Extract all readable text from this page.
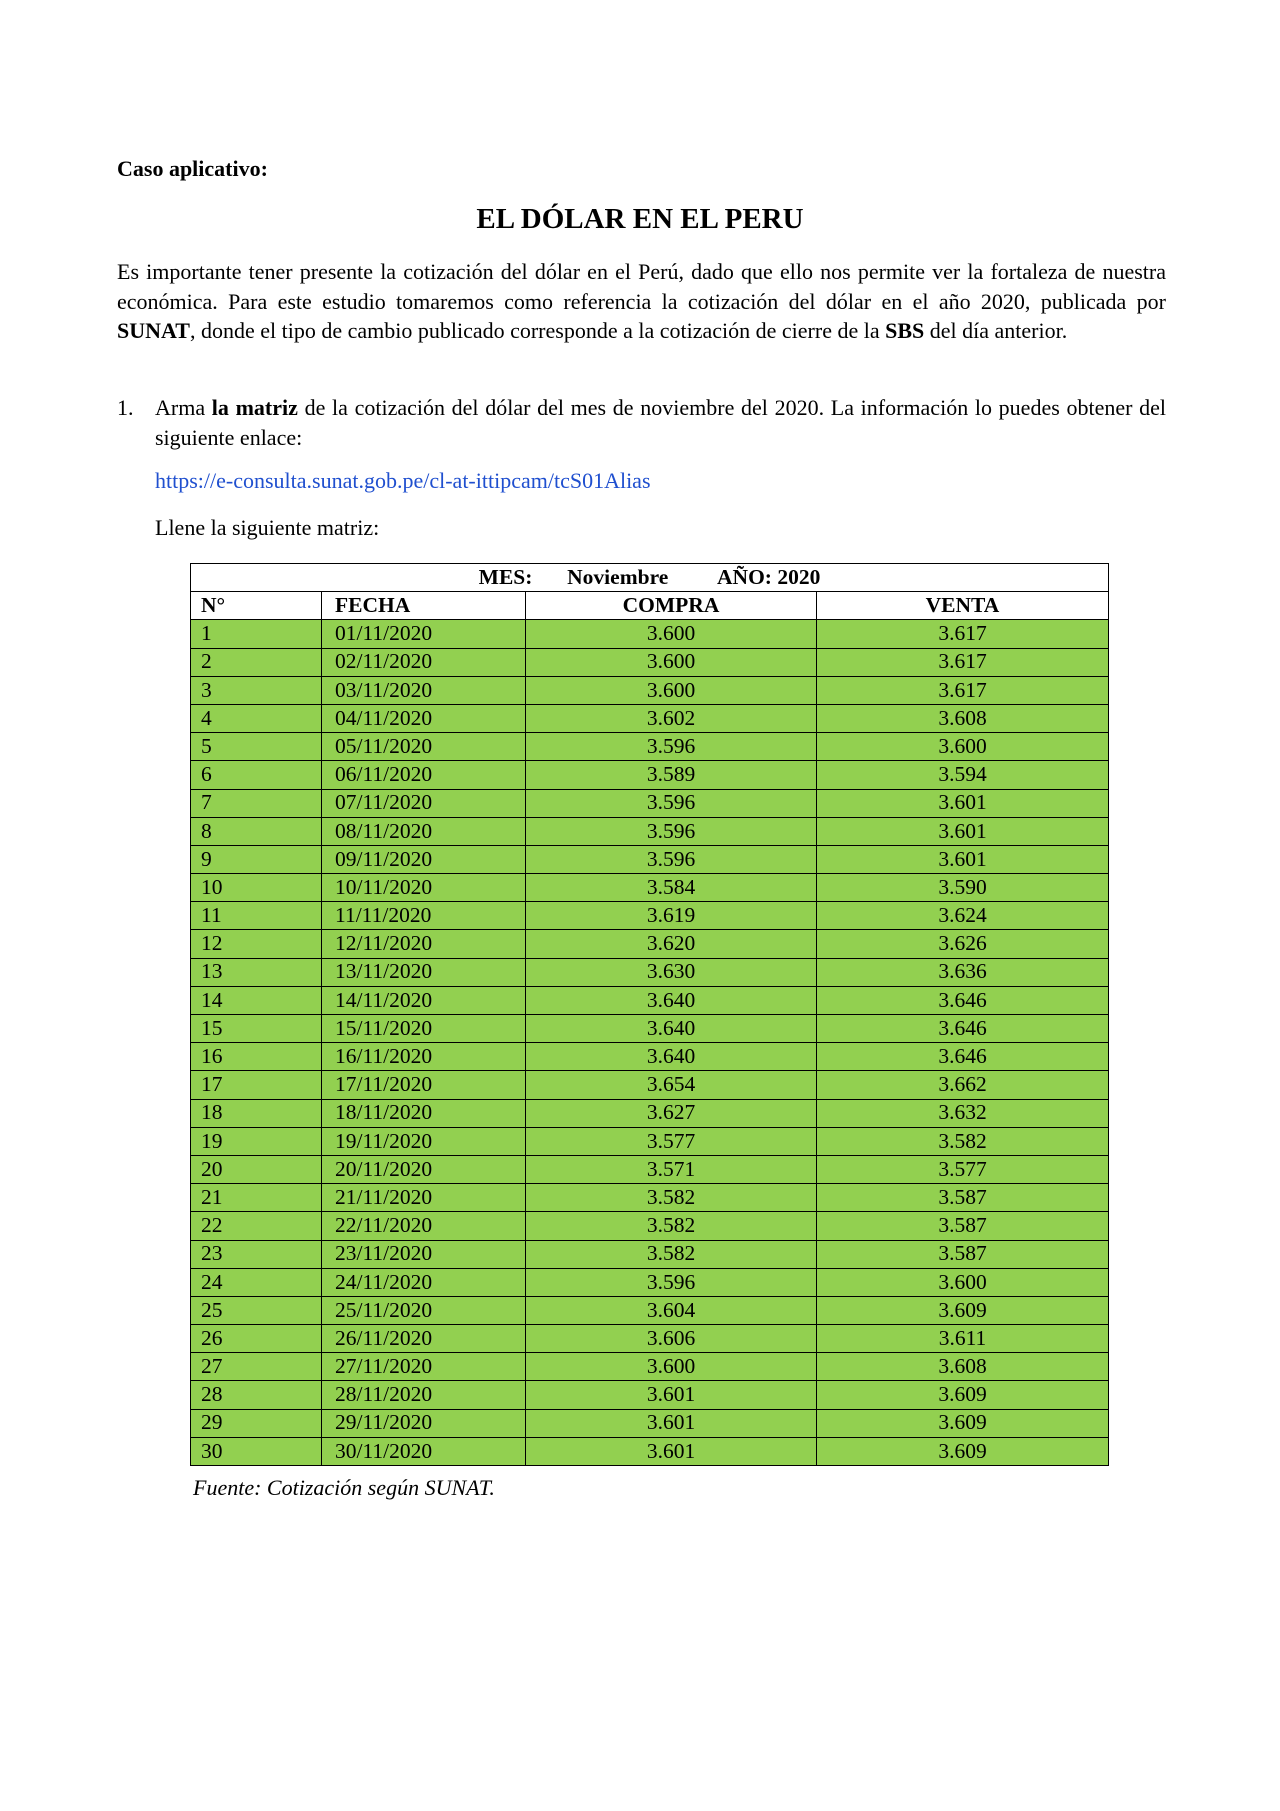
Caso aplicativo:
EL DÓLAR EN EL PERU
Es importante tener presente la cotización del dólar en el Perú, dado que ello nos permite ver la fortaleza de nuestra económica. Para este estudio tomaremos como referencia la cotización del dólar en el año 2020, publicada por SUNAT, donde el tipo de cambio publicado corresponde a la cotización de cierre de la SBS del día anterior.
1. Arma la matriz de la cotización del dólar del mes de noviembre del 2020. La información lo puedes obtener del siguiente enlace:
https://e-consulta.sunat.gob.pe/cl-at-ittipcam/tcS01Alias
Llene la siguiente matriz:
MES: Noviembre AÑO: 2020			
N°	FECHA	COMPRA	VENTA
1	01/11/2020	3.600	3.617
2	02/11/2020	3.600	3.617
3	03/11/2020	3.600	3.617
4	04/11/2020	3.602	3.608
5	05/11/2020	3.596	3.600
6	06/11/2020	3.589	3.594
7	07/11/2020	3.596	3.601
8	08/11/2020	3.596	3.601
9	09/11/2020	3.596	3.601
10	10/11/2020	3.584	3.590
11	11/11/2020	3.619	3.624
12	12/11/2020	3.620	3.626
13	13/11/2020	3.630	3.636
14	14/11/2020	3.640	3.646
15	15/11/2020	3.640	3.646
16	16/11/2020	3.640	3.646
17	17/11/2020	3.654	3.662
18	18/11/2020	3.627	3.632
19	19/11/2020	3.577	3.582
20	20/11/2020	3.571	3.577
21	21/11/2020	3.582	3.587
22	22/11/2020	3.582	3.587
23	23/11/2020	3.582	3.587
24	24/11/2020	3.596	3.600
25	25/11/2020	3.604	3.609
26	26/11/2020	3.606	3.611
27	27/11/2020	3.600	3.608
28	28/11/2020	3.601	3.609
29	29/11/2020	3.601	3.609
30	30/11/2020	3.601	3.609
Fuente: Cotización según SUNAT.
